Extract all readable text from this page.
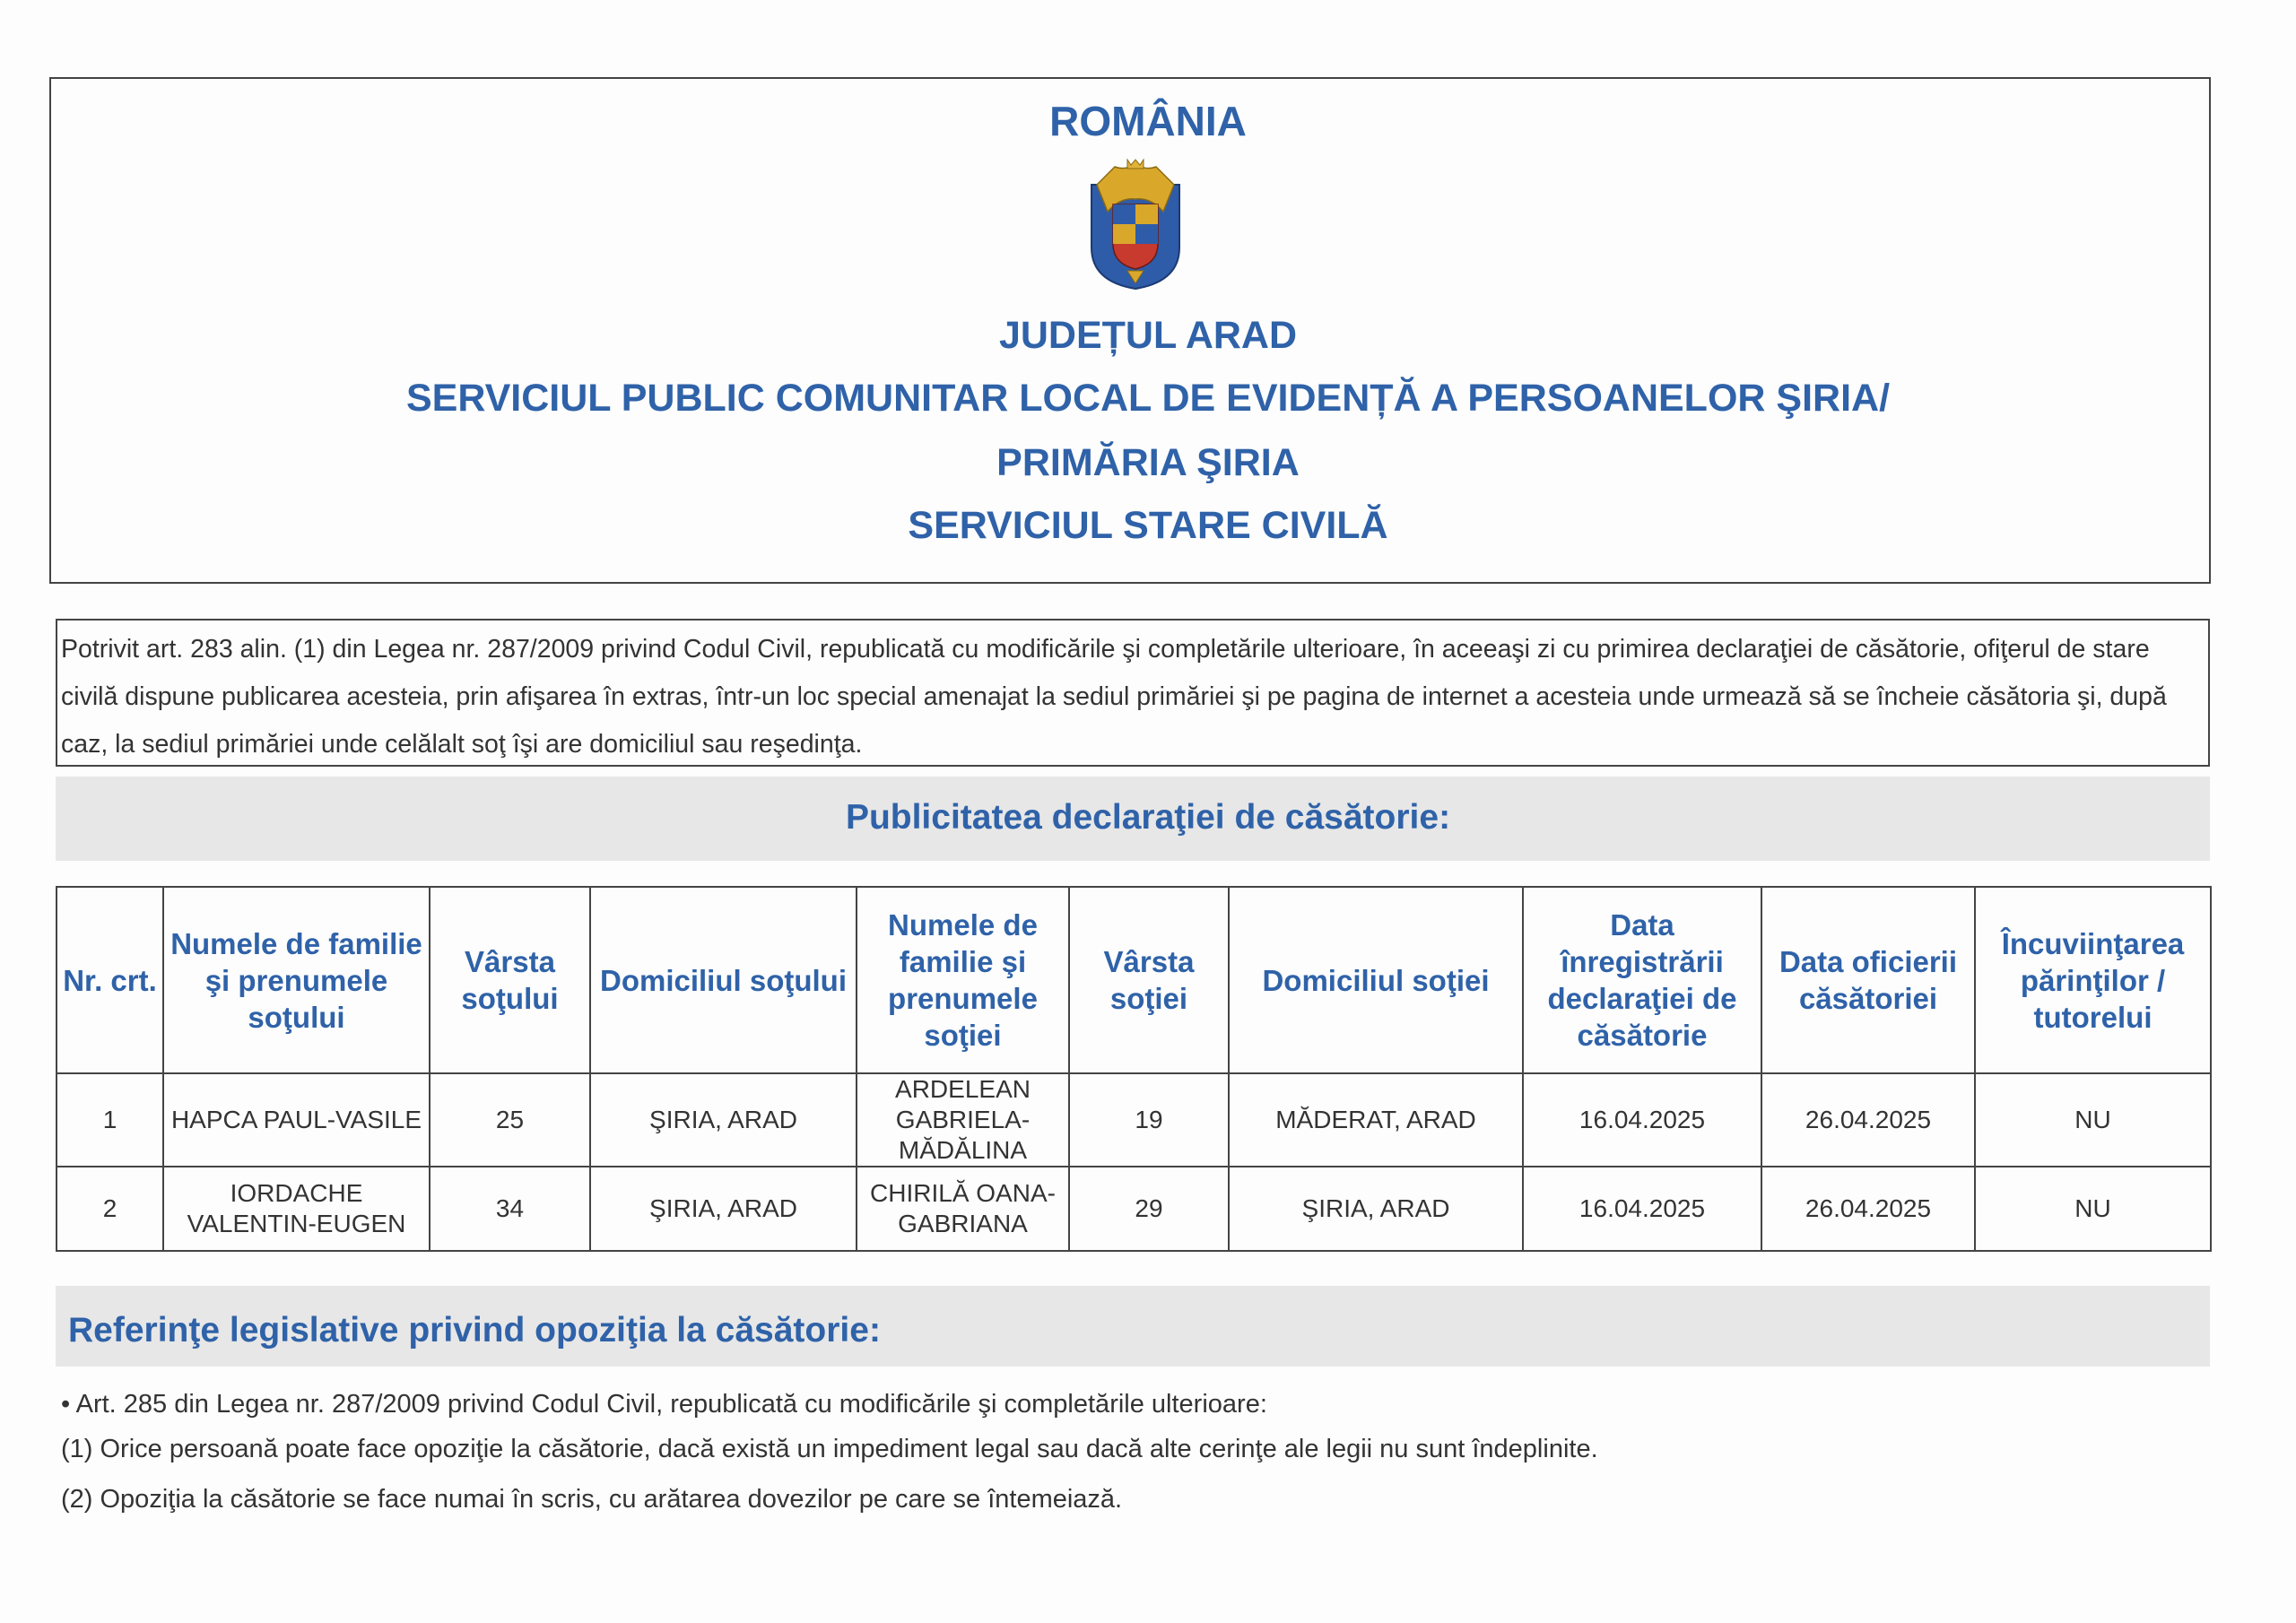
ROMÂNIA
JUDEȚUL ARAD
SERVICIUL PUBLIC COMUNITAR LOCAL DE EVIDENȚĂ A PERSOANELOR ŞIRIA/
PRIMĂRIA ŞIRIA
SERVICIUL STARE CIVILĂ
Potrivit art. 283 alin. (1) din Legea nr. 287/2009 privind Codul Civil, republicată cu modificările şi completările ulterioare, în aceeaşi zi cu primirea declaraţiei de căsătorie, ofiţerul de stare civilă dispune publicarea acesteia, prin afişarea în extras, într-un loc special amenajat la sediul primăriei şi pe pagina de internet a acesteia unde urmează să se încheie căsătoria şi, după caz, la sediul primăriei unde celălalt soţ îşi are domiciliul sau reşedinţa.
Publicitatea declaraţiei de căsătorie:
Nr. crt.	Numele de familie şi prenumele soţului	Vârsta soţului	Domiciliul soţului	Numele de familie şi prenumele soţiei	Vârsta soţiei	Domiciliul soţiei	Data înregistrării declaraţiei de căsătorie	Data oficierii căsătoriei	Încuviinţarea părinţilor / tutorelui
1	HAPCA PAUL-VASILE	25	ŞIRIA, ARAD	ARDELEAN GABRIELA-MĂDĂLINA	19	MĂDERAT, ARAD	16.04.2025	26.04.2025	NU
2	IORDACHE VALENTIN-EUGEN	34	ŞIRIA, ARAD	CHIRILĂ OANA-GABRIANA	29	ŞIRIA, ARAD	16.04.2025	26.04.2025	NU
Referinţe legislative privind opoziţia la căsătorie:
• Art. 285 din Legea nr. 287/2009 privind Codul Civil, republicată cu modificările şi completările ulterioare:
(1) Orice persoană poate face opoziţie la căsătorie, dacă există un impediment legal sau dacă alte cerinţe ale legii nu sunt îndeplinite.
(2) Opoziţia la căsătorie se face numai în scris, cu arătarea dovezilor pe care se întemeiază.
